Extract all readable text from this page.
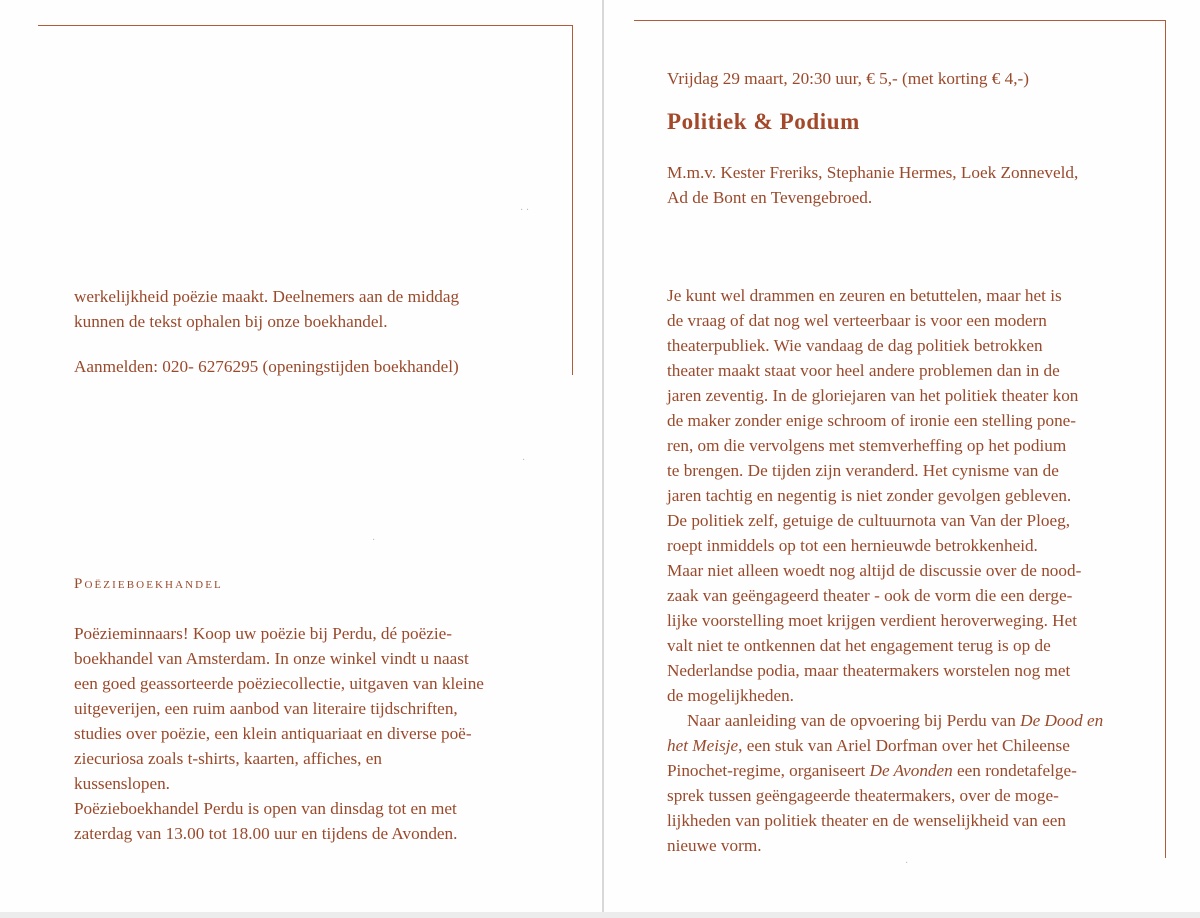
werkelijkheid poëzie maakt. Deelnemers aan de middag

kunnen de tekst ophalen bij onze boekhandel.

Aanmelden: 020- 6276295 (openingstijden boekhandel)

Poëzieboekhandel

Poëzieminnaars! Koop uw poëzie bij Perdu, dé poëzie-

boekhandel van Amsterdam. In onze winkel vindt u naast

een goed geassorteerde poëziecollectie, uitgaven van kleine

uitgeverijen, een ruim aanbod van literaire tijdschriften,

studies over poëzie, een klein antiquariaat en diverse poë-

ziecuriosa zoals t-shirts, kaarten, affiches, en

kussenslopen.

Poëzieboekhandel Perdu is open van dinsdag tot en met

zaterdag van 13.00 tot 18.00 uur en tijdens de Avonden.

Vrijdag 29 maart, 20:30 uur, € 5,- (met korting € 4,-)

Politiek & Podium

M.m.v. Kester Freriks, Stephanie Hermes, Loek Zonneveld,

Ad de Bont en Tevengebroed.

Je kunt wel drammen en zeuren en betuttelen, maar het is

de vraag of dat nog wel verteerbaar is voor een modern

theaterpubliek. Wie vandaag de dag politiek betrokken

theater maakt staat voor heel andere problemen dan in de

jaren zeventig. In de gloriejaren van het politiek theater kon

de maker zonder enige schroom of ironie een stelling pone-

ren, om die vervolgens met stemverheffing op het podium

te brengen. De tijden zijn veranderd. Het cynisme van de

jaren tachtig en negentig is niet zonder gevolgen gebleven.

De politiek zelf, getuige de cultuurnota van Van der Ploeg,

roept inmiddels op tot een hernieuwde betrokkenheid.

Maar niet alleen woedt nog altijd de discussie over de nood-

zaak van geëngageerd theater - ook de vorm die een derge-

lijke voorstelling moet krijgen verdient heroverweging. Het

valt niet te ontkennen dat het engagement terug is op de

Nederlandse podia, maar theatermakers worstelen nog met

de mogelijkheden.

Naar aanleiding van de opvoering bij Perdu van De Dood en

het Meisje, een stuk van Ariel Dorfman over het Chileense

Pinochet-regime, organiseert De Avonden een rondetafelge-

sprek tussen geëngageerde theatermakers, over de moge-

lijkheden van politiek theater en de wenselijkheid van een

nieuwe vorm.

· ·
·
·
·
